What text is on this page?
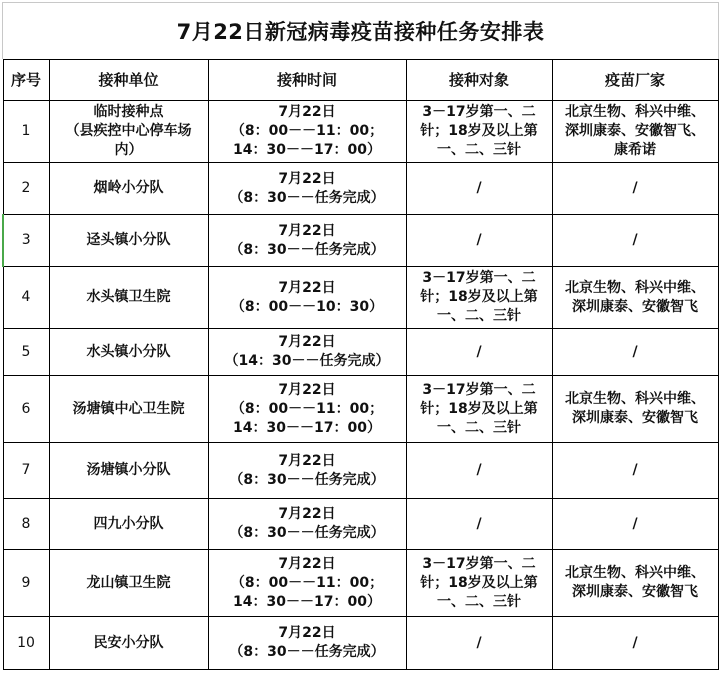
7月22日新冠病毒疫苗接种任务安排表
序号	接种单位	接种时间	接种对象	疫苗厂家
1	临时接种点
（县疾控中心停车场
内）	7月22日
（8：00－－11：00；
14：30－－17：00）	3－17岁第一、二针；18岁及以上第一、二、三针	北京生物、科兴中维、
深圳康泰、安徽智飞、
康希诺

2	烟岭小分队	7月22日
（8：30－－任务完成）	/	/

3	迳头镇小分队	7月22日
（8：30－－任务完成）	/	/

4	水头镇卫生院	7月22日
（8：00－－10：30）	3－17岁第一、二针；18岁及以上第一、二、三针	北京生物、科兴中维、
深圳康泰、安徽智飞

5	水头镇小分队	7月22日
（14：30－－任务完成）	/	/

6	汤塘镇中心卫生院	7月22日
（8：00－－11：00；
14：30－－17：00）	3－17岁第一、二针；18岁及以上第一、二、三针	北京生物、科兴中维、
深圳康泰、安徽智飞

7	汤塘镇小分队	7月22日
（8：30－－任务完成）	/	/

8	四九小分队	7月22日
（8：30－－任务完成）	/	/

9	龙山镇卫生院	7月22日
（8：00－－11：00；
14：30－－17：00）	3－17岁第一、二针；18岁及以上第一、二、三针	北京生物、科兴中维、
深圳康泰、安徽智飞

10	民安小分队	7月22日
（8：30－－任务完成）	/	/
